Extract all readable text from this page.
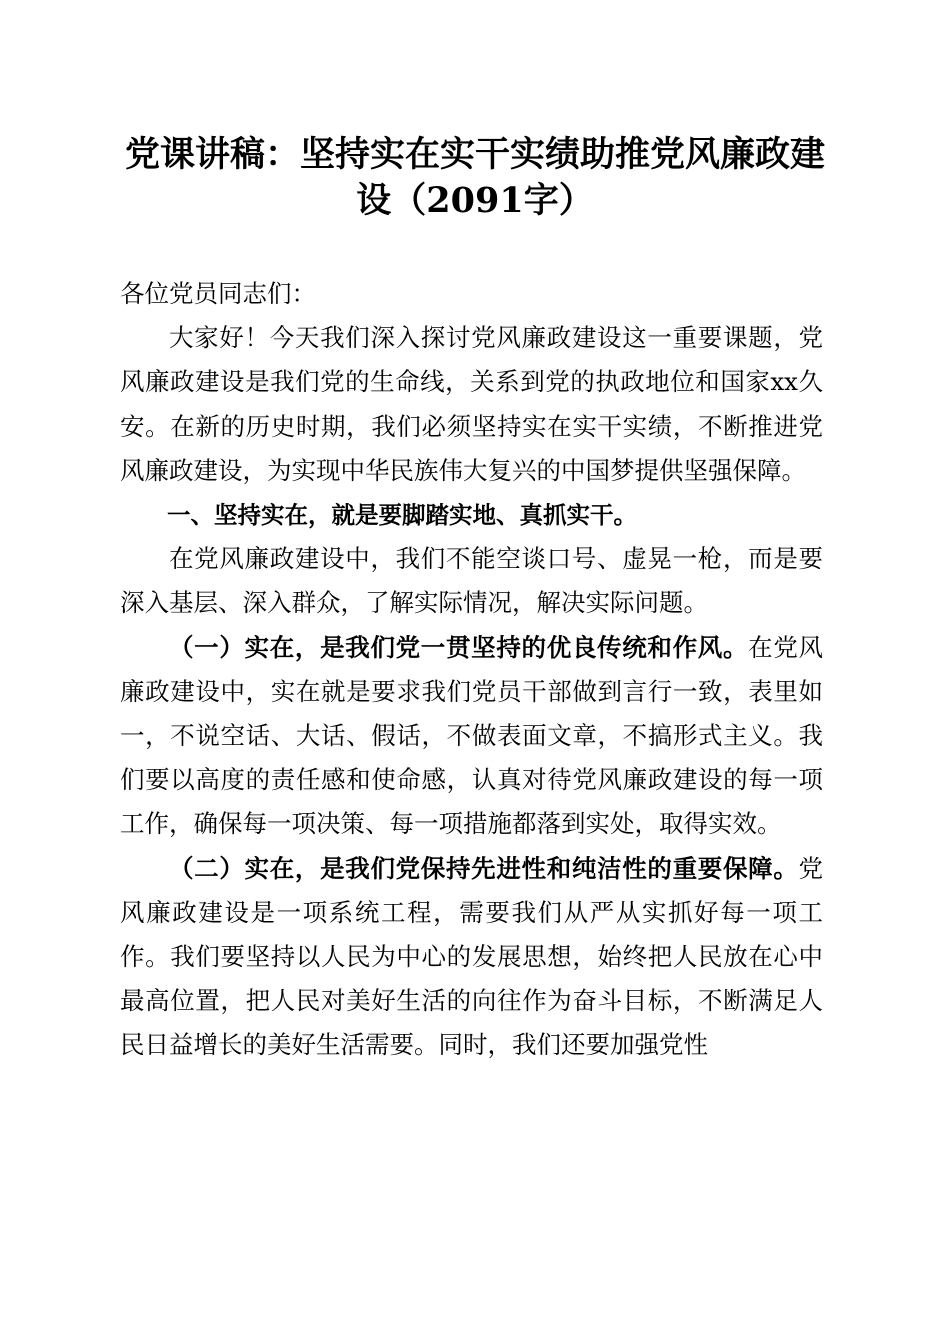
党课讲稿：坚持实在实干实绩助推党风廉政建设（2091字）

各位党员同志们：

大家好！今天我们深入探讨党风廉政建设这一重要课题，党风廉政建设是我们党的生命线，关系到党的执政地位和国家xx久安。在新的历史时期，我们必须坚持实在实干实绩，不断推进党风廉政建设，为实现中华民族伟大复兴的中国梦提供坚强保障。

一、坚持实在，就是要脚踏实地、真抓实干。

在党风廉政建设中，我们不能空谈口号、虚晃一枪，而是要深入基层、深入群众，了解实际情况，解决实际问题。

（一）实在，是我们党一贯坚持的优良传统和作风。在党风廉政建设中，实在就是要求我们党员干部做到言行一致，表里如一，不说空话、大话、假话，不做表面文章，不搞形式主义。我们要以高度的责任感和使命感，认真对待党风廉政建设的每一项工作，确保每一项决策、每一项措施都落到实处，取得实效。

（二）实在，是我们党保持先进性和纯洁性的重要保障。党风廉政建设是一项系统工程，需要我们从严从实抓好每一项工作。我们要坚持以人民为中心的发展思想，始终把人民放在心中最高位置，把人民对美好生活的向往作为奋斗目标，不断满足人民日益增长的美好生活需要。同时，我们还要加强党性
